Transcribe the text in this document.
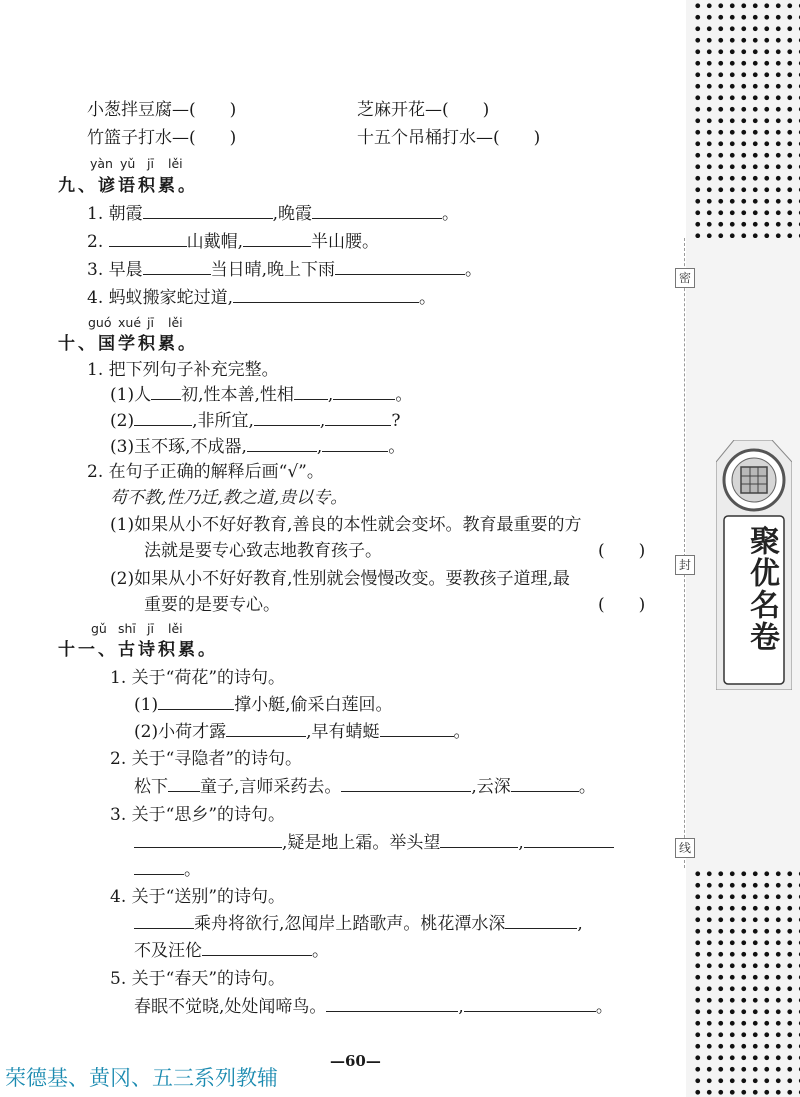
密
封
线
聚优名卷
小葱拌豆腐—( )	芝麻开花—( )
竹篮子打水—( )	十五个吊桶打水—( )
yàn yǔ jī lěi
九、谚语积累。
1. 朝霞	,晚霞	。
2.	山戴帽,	半山腰。
3. 早晨	当日晴,晚上下雨	。
4. 蚂蚁搬家蛇过道,	。
guó xué jī lěi
十、国学积累。
1. 把下列句子补充完整。
(1)人 初,性本善,性相 ,	。
(2)	,非所宜,	,	?
(3)玉不琢,不成器,	,	。
2. 在句子正确的解释后画“√”。
苟不教,性乃迁,教之道,贵以专。
(1)如果从小不好好教育,善良的本性就会变坏。教育最重要的方
法就是要专心致志地教育孩子。	(　　)
(2)如果从小不好好教育,性别就会慢慢改变。要教孩子道理,最
重要的是要专心。	(　　)
gǔ shī jī lěi
十一、古诗积累。
1. 关于“荷花”的诗句。
(1)	撑小艇,偷采白莲回。
(2)小荷才露	,早有蜻蜓	。
2. 关于“寻隐者”的诗句。
松下 童子,言师采药去。	,云深	。
3. 关于“思乡”的诗句。
,疑是地上霜。举头望	,
。
4. 关于“送别”的诗句。
乘舟将欲行,忽闻岸上踏歌声。桃花潭水深	,
不及汪伦	。
5. 关于“春天”的诗句。
春眠不觉晓,处处闻啼鸟。	,	。
—60—
荣德基、黄冈、五三系列教辅
